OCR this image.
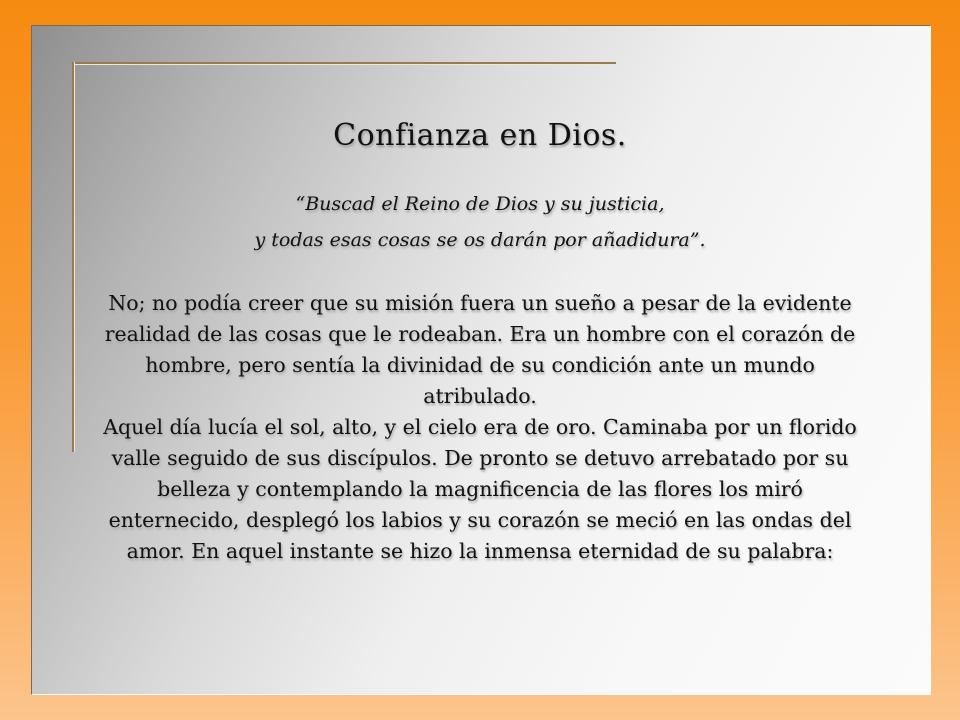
Confianza en Dios.
“Buscad el Reino de Dios y su justicia,
y todas esas cosas se os darán por añadidura”.

No; no podía creer que su misión fuera un sueño a pesar de la evidente realidad de las cosas que le rodeaban. Era un hombre con el corazón de hombre, pero sentía la divinidad de su condición ante un mundo atribulado.

Aquel día lucía el sol, alto, y el cielo era de oro. Caminaba por un florido valle seguido de sus discípulos. De pronto se detuvo arrebatado por su belleza y contemplando la magnificencia de las flores los miró enternecido, desplegó los labios y su corazón se meció en las ondas del amor. En aquel instante se hizo la inmensa eternidad de su palabra:
